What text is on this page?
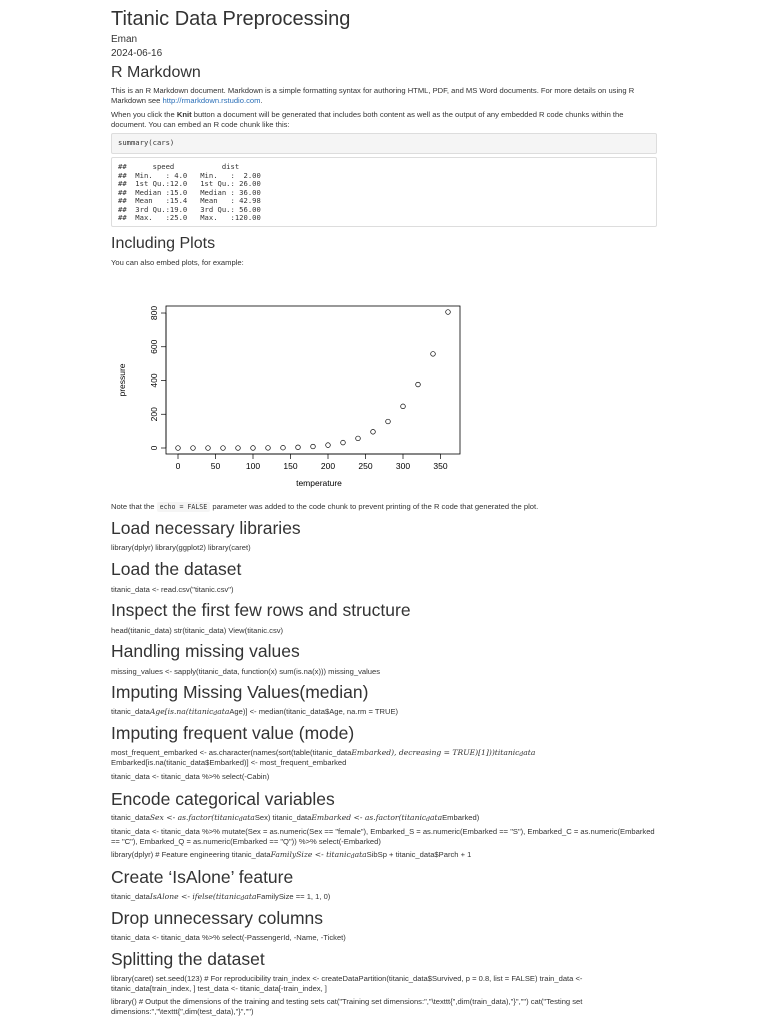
Titanic Data Preprocessing
Eman
2024-06-16
R Markdown

This is an R Markdown document. Markdown is a simple formatting syntax for authoring HTML, PDF, and MS Word documents. For more details on using R Markdown see http://rmarkdown.rstudio.com.

When you click the Knit button a document will be generated that includes both content as well as the output of any embedded R code chunks within the document. You can embed an R code chunk like this:

summary(cars)
##      speed           dist
##  Min.   : 4.0   Min.   :  2.00
##  1st Qu.:12.0   1st Qu.: 26.00
##  Median :15.0   Median : 36.00
##  Mean   :15.4   Mean   : 42.98
##  3rd Qu.:19.0   3rd Qu.: 56.00
##  Max.   :25.0   Max.   :120.00
Including Plots

You can also embed plots, for example:

0	50	100	150	200	250	300	350
0
200
400
600
800
temperature
pressure

Note that the echo = FALSE parameter was added to the code chunk to prevent printing of the R code that generated the plot.

Load necessary libraries

library(dplyr) library(ggplot2) library(caret)

Load the dataset

titanic_data <- read.csv("titanic.csv")

Inspect the first few rows and structure

head(titanic_data) str(titanic_data) View(titanic.csv)

Handling missing values

missing_values <- sapply(titanic_data, function(x) sum(is.na(x))) missing_values

Imputing Missing Values(median)

titanic_dataAge[is.na(titanicdataAge)] <- median(titanic_data$Age, na.rm = TRUE)

Imputing frequent value (mode)

most_frequent_embarked <- as.character(names(sort(table(titanic_dataEmbarked), decreasing = TRUE)[1]))titanicdata

Embarked[is.na(titanic_data$Embarked)] <- most_frequent_embarked

titanic_data <- titanic_data %>% select(-Cabin)

Encode categorical variables

titanic_dataSex <- as.factor(titanicdataSex) titanic_dataEmbarked <- as.factor(titanicdataEmbarked)

titanic_data <- titanic_data %>% mutate(Sex = as.numeric(Sex == "female"), Embarked_S = as.numeric(Embarked == "S"), Embarked_C = as.numeric(Embarked == "C"), Embarked_Q = as.numeric(Embarked == "Q")) %>% select(-Embarked)

library(dplyr) # Feature engineering titanic_dataFamilySize <- titanicdataSibSp + titanic_data$Parch + 1

Create ‘IsAlone’ feature

titanic_dataIsAlone <- ifelse(titanicdataFamilySize == 1, 1, 0)

Drop unnecessary columns

titanic_data <- titanic_data %>% select(-PassengerId, -Name, -Ticket)

Splitting the dataset

library(caret) set.seed(123) # For reproducibility train_index <- createDataPartition(titanic_data$Survived, p = 0.8, list = FALSE) train_data <- titanic_data[train_index, ] test_data <- titanic_data[-train_index, ]

library() # Output the dimensions of the training and testing sets cat("Training set dimensions:","\texttt{",dim(train_data),"}","") cat("Testing set dimensions:","\texttt{",dim(test_data),"}","")
